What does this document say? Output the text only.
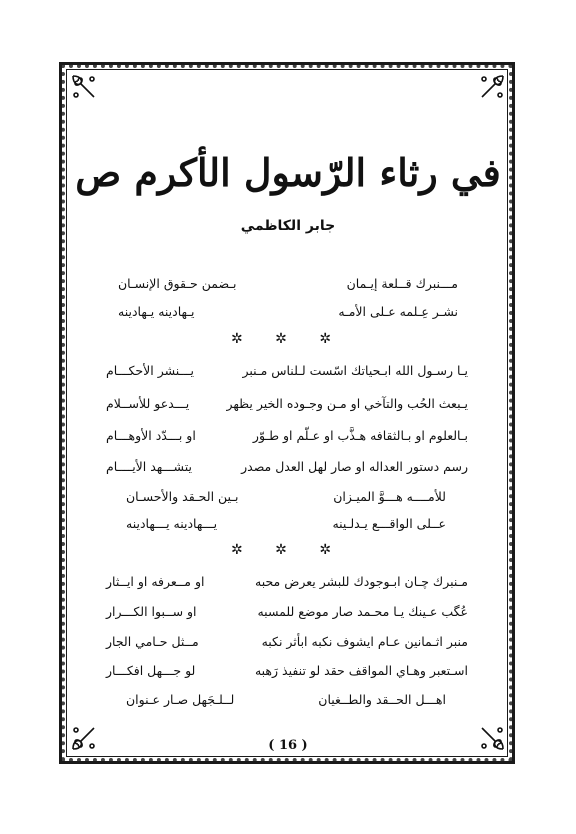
في رثاء الرّسول الأكرم ص
جابر الكاظمي
مـــنبرك قــلعة إيـمان
بـضمن حـقوق الإنسـان
نشـر عِـلمه عـلى الأمـه
يـهادينه يـهادينه
✲ ✲ ✲
يـا رسـول الله ابـحياتك اسّست لـلناس مـنبر
يـــنشر الأحكـــام
يـبعث الحُب والتآخي او مـن وجـوده الخير يظهر
يـــدعو للأســلام
بـالعلوم او بـالثقافه هـذَّب او عـلّم او طـوّر
او بـــدّد الأوهـــام
رسم دستور العداله او صار لهل العدل مصدر
يتشـــهد الأيــــام
للأمــــه هـــوَّ الميـزان
بـين الحـقد والأحسـان
عــلى الواقـــع يـدلـينه
يـــهادينه يـــهادينه
✲ ✲ ✲
مـنبرك چـان ابـوجودك للبشر يعرض محبه
او مــعرفه او ايــثار
عُگب عـينك يـا محـمد صار موضع للمسبه
او ســبوا الكـــرار
منبر اثـمانين عـام ايشوف نكبه ابأثر نكبه
مــثل حـامي الجار
اسـتعبر وهـاي المواقف حقد لو تنفيذ رَهبه
لو جـــهل افكـــار
اهـــل الحــقد والطــغيان
لــلـجَهل صـار عـنوان
( 16 )
